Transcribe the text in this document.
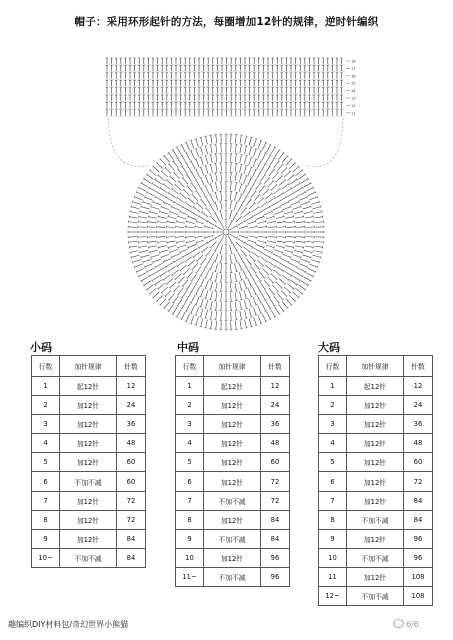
帽子：采用环形起针的方法，每圈增加12针的规律，逆时针编织
18
17
16
15
14
13
12
11
小码	中码	大码
行数	加针规律	针数
1	起12针	12
2	加12针	24
3	加12针	36
4	加12针	48
5	加12针	60
6	不加不减	60
7	加12针	72
8	加12针	72
9	加12针	84
10~	不加不减	84
行数	加针规律	针数
1	起12针	12
2	加12针	24
3	加12针	36
4	加12针	48
5	加12针	60
6	加12针	72
7	不加不减	72
8	加12针	84
9	不加不减	84
10	加12针	96
11~	不加不减	96
行数	加针规律	针数
1	起12针	12
2	加12针	24
3	加12针	36
4	加12针	48
5	加12针	60
6	加12针	72
7	加12针	84
8	不加不减	84
9	加12针	96
10	不加不减	96
11	加12针	108
12~	不加不减	108
趣编织DIY材料包/奇幻世界小熊猫	6/6
